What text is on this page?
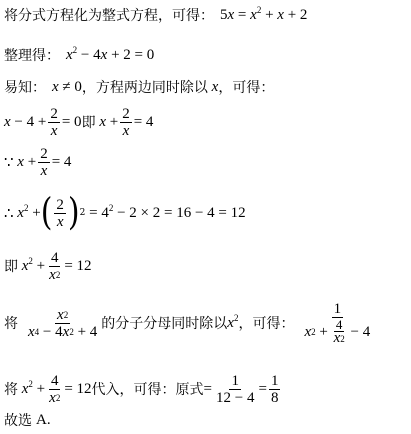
将分式方程化为整式方程，可得： $5x = x^2 + x + 2$
整理得： $x^2 - 4x + 2 = 0$
易知： x ≠ 0 ，方程两边同时除以 x ，可得：
$x - 4 + \frac{2}{x} = 0$ 即 $x + \frac{2}{x} = 4$
∵ $x + \frac{2}{x} = 4$
∴ $x^2$ + ( $\frac{2}{x}$ ) $2 = 4^2 - 2 \times 2 = 16 - 4 = 12$
即 $x^2 + \frac{4}{x 2} = 12$
将 $\frac{x 2}{x 4 - 4 x 2 + 4}$ 的分子分母同时除以 $x^2$ ，可得： $\frac{1}{x 2 + \frac{4}{x 2} - 4}$
将 $x^2 + \frac{4}{x 2} = 12$ 代入，可得：原式 = $\frac{1}{12 - 4} = \frac{1}{8}$
故选 A.
